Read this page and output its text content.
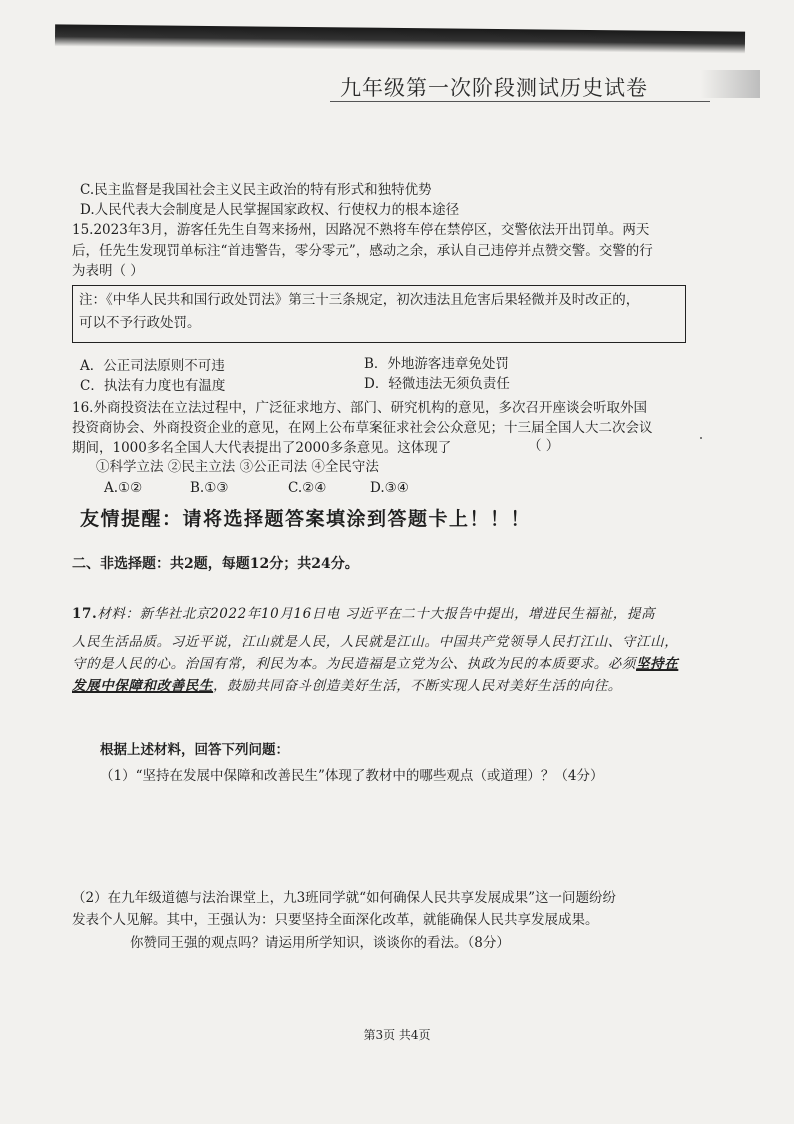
九年级第一次阶段测试历史试卷
C.民主监督是我国社会主义民主政治的特有形式和独特优势
D.人民代表大会制度是人民掌握国家政权、行使权力的根本途径
15.2023年3月，游客任先生自驾来扬州，因路况不熟将车停在禁停区，交警依法开出罚单。两天
后，任先生发现罚单标注“首违警告，零分零元”，感动之余，承认自己违停并点赞交警。交警的行
为表明（ ）
注：《中华人民共和国行政处罚法》第三十三条规定，初次违法且危害后果轻微并及时改正的，
可以不予行政处罚。
A．公正司法原则不可违	B．外地游客违章免处罚
C．执法有力度也有温度	D．轻微违法无须负责任
16.外商投资法在立法过程中，广泛征求地方、部门、研究机构的意见，多次召开座谈会听取外国
投资商协会、外商投资企业的意见，在网上公布草案征求社会公众意见；十三届全国人大二次会议
期间，1000多名全国人大代表提出了2000多条意见。这体现了	（ ）
①科学立法 ②民主立法 ③公正司法 ④全民守法
A.①②	B.①③	C.②④	D.③④
友情提醒：请将选择题答案填涂到答题卡上！！！
二、非选择题：共2题，每题12分；共24分。
17.材料：新华社北京2022年10月16日电 习近平在二十大报告中提出，增进民生福祉，提高
人民生活品质。习近平说，江山就是人民，人民就是江山。中国共产党领导人民打江山、守江山，
守的是人民的心。治国有常，利民为本。为民造福是立党为公、执政为民的本质要求。必须坚持在
发展中保障和改善民生，鼓励共同奋斗创造美好生活，不断实现人民对美好生活的向往。
根据上述材料，回答下列问题：
（1）“坚持在发展中保障和改善民生”体现了教材中的哪些观点（或道理）？（4分）
（2）在九年级道德与法治课堂上，九3班同学就“如何确保人民共享发展成果”这一问题纷纷
发表个人见解。其中，王强认为：只要坚持全面深化改革，就能确保人民共享发展成果。
你赞同王强的观点吗？请运用所学知识，谈谈你的看法。（8分）
第3页 共4页
